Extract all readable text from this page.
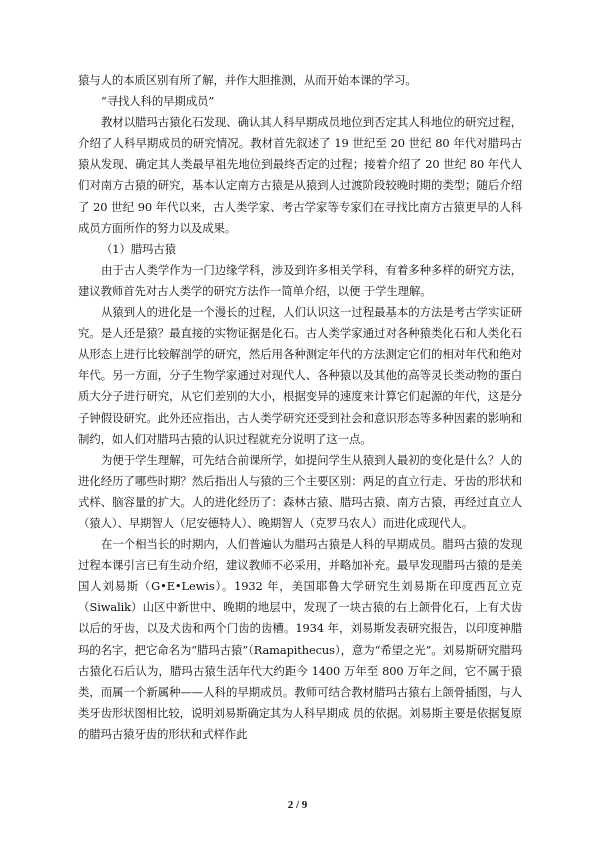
猿与人的本质区别有所了解，并作大胆推测，从而开始本课的学习。

“寻找人科的早期成员”

教材以腊玛古猿化石发现、确认其人科早期成员地位到否定其人科地位的研究过程，介绍了人科早期成员的研究情况。教材首先叙述了 19 世纪至 20 世纪 80 年代对腊玛古猿从发现、确定其人类最早祖先地位到最终否定的过程；接着介绍了 20 世纪 80 年代人们对南方古猿的研究，基本认定南方古猿是从猿到人过渡阶段较晚时期的类型；随后介绍了 20 世纪 90 年代以来，古人类学家、考古学家等专家们在寻找比南方古猿更早的人科成员方面所作的努力以及成果。

（1）腊玛古猿

由于古人类学作为一门边缘学科，涉及到许多相关学科，有着多种多样的研究方法，建议教师首先对古人类学的研究方法作一简单介绍，以便 于学生理解。

从猿到人的进化是一个漫长的过程，人们认识这一过程最基本的方法是考古学实证研究。是人还是猿？最直接的实物证据是化石。古人类学家通过对各种猿类化石和人类化石从形态上进行比较解剖学的研究，然后用各种测定年代的方法测定它们的相对年代和绝对年代。另一方面，分子生物学家通过对现代人、各种猿以及其他的高等灵长类动物的蛋白质大分子进行研究，从它们差别的大小，根据变异的速度来计算它们起源的年代，这是分子钟假设研究。此外还应指出，古人类学研究还受到社会和意识形态等多种因素的影响和制约，如人们对腊玛古猿的认识过程就充分说明了这一点。

为便于学生理解，可先结合前课所学，如提问学生从猿到人最初的变化是什么？人的进化经历了哪些时期？然后指出人与猿的三个主要区别：两足的直立行走、牙齿的形状和式样、脑容量的扩大。人的进化经历了：森林古猿、腊玛古猿、南方古猿，再经过直立人（猿人）、早期智人（尼安德特人）、晚期智人（克罗马农人）而进化成现代人。

在一个相当长的时期内，人们普遍认为腊玛古猿是人科的早期成员。腊玛古猿的发现过程本课引言已有生动介绍，建议教师不必采用，并略加补充。最早发现腊玛古猿的是美国人刘易斯（G•E•Lewis）。1932 年，美国耶鲁大学研究生刘易斯在印度西瓦立克（Siwalik）山区中新世中、晚期的地层中，发现了一块古猿的右上颌骨化石，上有犬齿以后的牙齿，以及犬齿和两个门齿的齿槽。1934 年，刘易斯发表研究报告，以印度神腊玛的名字，把它命名为“腊玛古猿”（Ramapithecus），意为“希望之光”。刘易斯研究腊玛古猿化石后认为，腊玛古猿生活年代大约距今 1400 万年至 800 万年之间，它不属于猿类，而属一个新属种——人科的早期成员。教师可结合教材腊玛古猿右上颌骨插图，与人类牙齿形状图相比较，说明刘易斯确定其为人科早期成 员的依据。刘易斯主要是依据复原的腊玛古猿牙齿的形状和式样作此

2 / 9
